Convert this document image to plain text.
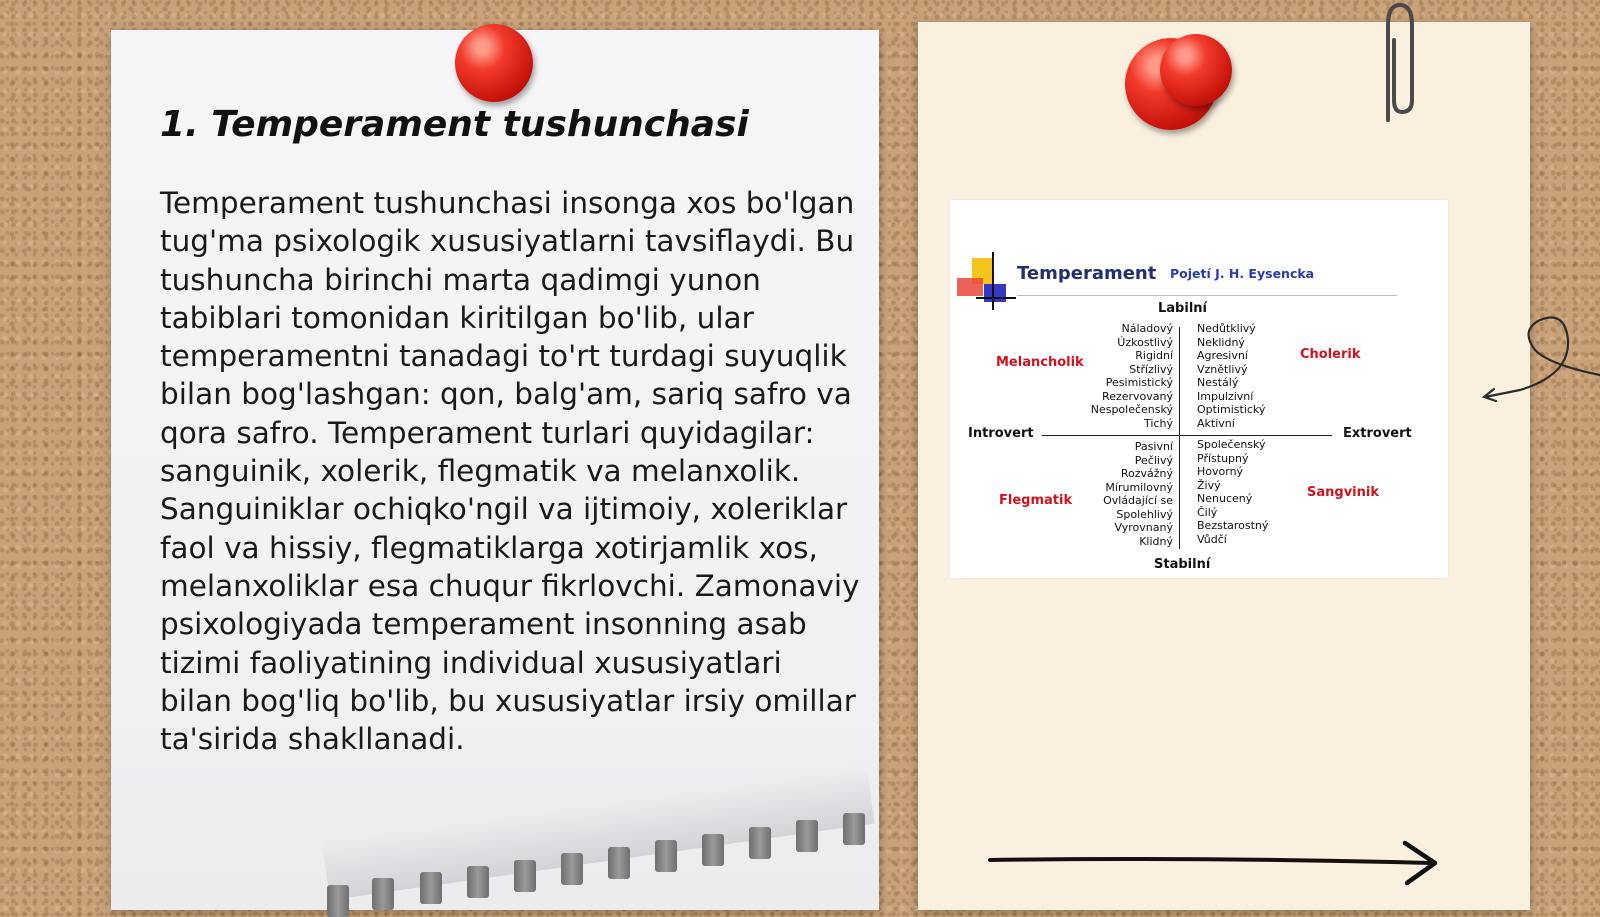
1. Temperament tushunchasi

Temperament tushunchasi insonga xos bo'lgan tug'ma psixologik xususiyatlarni tavsiflaydi. Bu tushuncha birinchi marta qadimgi yunon tabiblari tomonidan kiritilgan bo'lib, ular temperamentni tanadagi to'rt turdagi suyuqlik bilan bog'lashgan: qon, balg'am, sariq safro va qora safro. Temperament turlari quyidagilar: sanguinik, xolerik, flegmatik va melanxolik. Sanguiniklar ochiqko'ngil va ijtimoiy, xoleriklar faol va hissiy, flegmatiklarga xotirjamlik xos, melanxoliklar esa chuqur fikrlovchi. Zamonaviy psixologiyada temperament insonning asab tizimi faoliyatining individual xususiyatlari bilan bog'liq bo'lib, bu xususiyatlar irsiy omillar ta'sirida shakllanadi.

Temperament Pojetí J. H. Eysencka
Labilní
Stabilní
Introvert	Extrovert
Melancholik
Cholerik
Flegmatik
Sangvinik
Náladový
Úzkostlivý
Rigidní
Střízlivý
Pesimistický
Rezervovaný
Nespolečenský
Tichý
Nedůtklivý
Neklidný
Agresivní
Vznětlivý
Nestálý
Impulzivní
Optimistický
Aktivní
Pasivní
Pečlivý
Rozvážný
Mírumilovný
Ovládající se
Spolehlivý
Vyrovnaný
Klidný
Společenský
Přístupný
Hovorný
Živý
Nenucený
Čilý
Bezstarostný
Vůdčí
